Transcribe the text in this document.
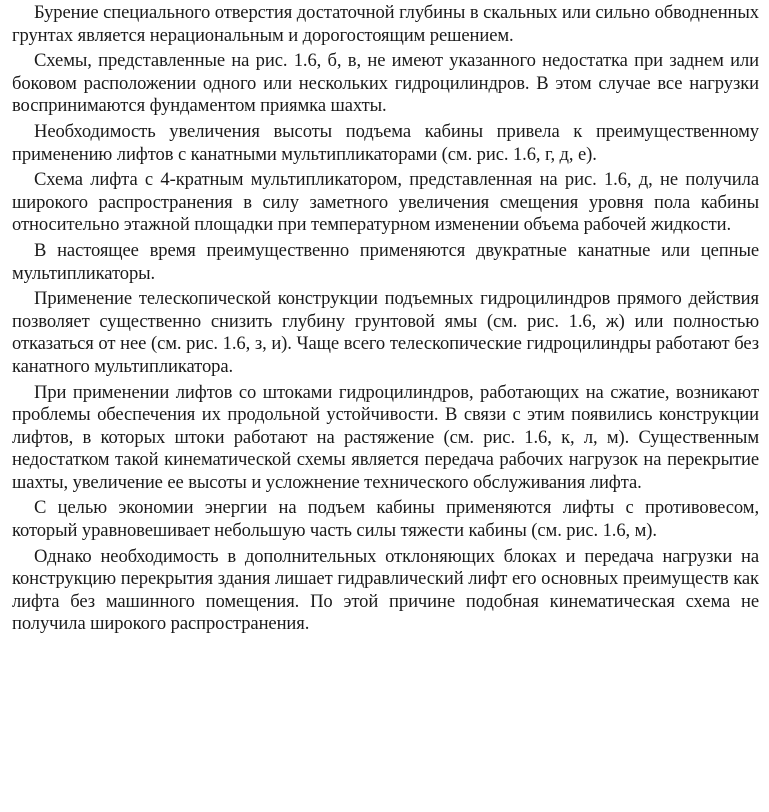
Бурение специального отверстия достаточной глубины в скальных или сильно обводненных грунтах является нерациональным и дорогостоящим решением.

Схемы, представленные на рис. 1.6, б, в, не имеют указанного недостатка при заднем или боковом расположении одного или нескольких гидроцилиндров. В этом случае все нагрузки воспринимаются фундаментом приямка шахты.

Необходимость увеличения высоты подъема кабины привела к преимущественному применению лифтов с канатными мультипликаторами (см. рис. 1.6, г, д, е).

Схема лифта с 4-кратным мультипликатором, представленная на рис. 1.6, д, не получила широкого распространения в силу заметного увеличения смещения уровня пола кабины относительно этажной площадки при температурном изменении объема рабочей жидкости.

В настоящее время преимущественно применяются двукратные канатные или цепные мультипликаторы.

Применение телескопической конструкции подъемных гидроцилиндров прямого действия позволяет существенно снизить глубину грунтовой ямы (см. рис. 1.6, ж) или полностью отказаться от нее (см. рис. 1.6, з, и). Чаще всего телескопические гидроцилиндры работают без канатного мультипликатора.

При применении лифтов со штоками гидроцилиндров, работающих на сжатие, возникают проблемы обеспечения их продольной устойчивости. В связи с этим появились конструкции лифтов, в которых штоки работают на растяжение (см. рис. 1.6, к, л, м). Существенным недостатком такой кинематической схемы является передача рабочих нагрузок на перекрытие шахты, увеличение ее высоты и усложнение технического обслуживания лифта.

С целью экономии энергии на подъем кабины применяются лифты с противовесом, который уравновешивает небольшую часть силы тяжести кабины (см. рис. 1.6, м).

Однако необходимость в дополнительных отклоняющих блоках и передача нагрузки на конструкцию перекрытия здания лишает гидравлический лифт его основных преимуществ как лифта без машинного помещения. По этой причине подобная кинематическая схема не получила широкого распространения.
